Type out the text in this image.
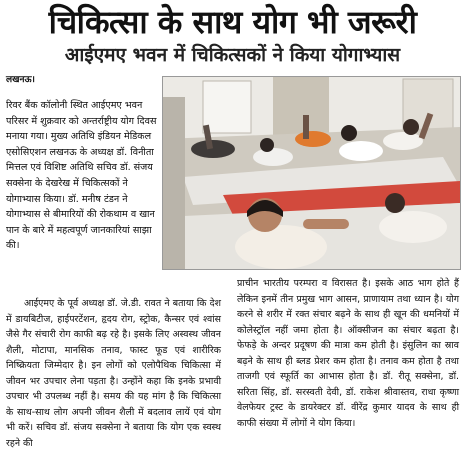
चिकित्सा के साथ योग भी जरूरी
आईएमए भवन में चिकित्सकों ने किया योगाभ्यास
लखनऊ।

रिवर बैंक कॉलोनी स्थित आईएमए भवन परिसर में शुक्रवार को अन्तर्राष्ट्रीय योग दिवस मनाया गया। मुख्य अतिथि इंडियन मेडिकल एसोसिएशन लखनऊ के अध्यक्ष डॉ. विनीता मित्तल एवं विशिष्ट अतिथि सचिव डॉ. संजय सक्सेना के देखरेख में चिकित्सकों ने योगाभ्यास किया। डॉ. मनीष टंडन ने योगाभ्यास से बीमारियों की रोकथाम व खान पान के बारे में महत्वपूर्ण जानकारियां साझा की।

आईएमए के पूर्व अध्यक्ष डॉ. जे.डी. रावत ने बताया कि देश में डायबिटीज, हाईपरटेंशन, हृदय रोग, स्ट्रोक, कैन्सर एवं श्वांस जैसे गैर संचारी रोग काफी बढ़ रहे है। इसके लिए अस्वस्थ जीवन शैली, मोटापा, मानसिक तनाव, फास्ट फूड एवं शारीरिक निष्क्रियता जिम्मेदार है। इन लोगों को एलोपैथिक चिकित्सा में जीवन भर उपचार लेना पड़ता है। उन्होंने कहा कि इनके प्रभावी उपचार भी उपलब्ध नहीं है। समय की यह मांग है कि चिकित्सा के साथ-साथ लोग अपनी जीवन शैली में बदलाव लायें एवं योग भी करें। सचिव डॉ. संजय सक्सेना ने बताया कि योग एक स्वस्थ रहने की

प्राचीन भारतीय परम्परा व विरासत है। इसके आठ भाग होते हैं लेकिन इनमें तीन प्रमुख भाग आसन, प्राणायाम तथा ध्यान है। योग करने से शरीर में रक्त संचार बढ़ने के साथ ही खून की धमनियों में कोलेस्ट्रॉल नहीं जमा होता है। ऑक्सीजन का संचार बढ़ता है। फेफड़े के अन्दर प्रदूषण की मात्रा कम होती है। इंसुलिन का स्राव बढ़ने के साथ ही ब्लड प्रेशर कम होता है। तनाव कम होता है तथा ताजगी एवं स्फूर्ति का आभास होता है। डॉ. रीतू सक्सेना, डॉ. सरिता सिंह, डॉ. सरस्वती देवी, डॉ. राकेश श्रीवास्तव, राधा कृष्णा वेलफेयर ट्रस्ट के डायरेक्टर डॉ. वीरेंद्र कुमार यादव के साथ ही काफी संख्या में लोगों ने योग किया।
